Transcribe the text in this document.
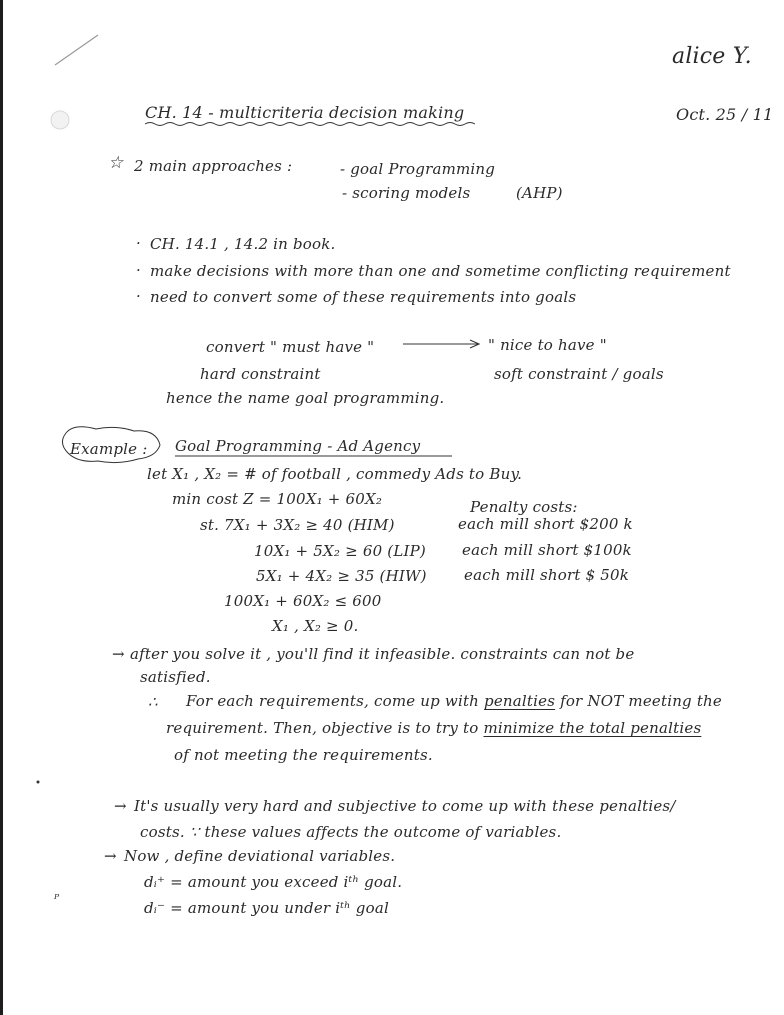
alice Y.
CH. 14 - multicriteria decision making	Oct. 25 / 11
☆ 2 main approaches :	- goal Programming
- scoring models	(AHP)
· CH. 14.1 , 14.2 in book.
· make decisions with more than one and sometime conflicting requirement
· need to convert some of these requirements into goals
convert " must have "	" nice to have "
hard constraint	soft constraint / goals
hence the name goal programming.
Example : Goal Programming - Ad Agency
let X₁ , X₂ = # of football , commedy Ads to Buy.
min cost Z = 100X₁ + 60X₂	Penalty costs:
st. 7X₁ + 3X₂ ≥ 40 (HIM)	each mill short $200 k
10X₁ + 5X₂ ≥ 60 (LIP) each mill short $100k
5X₁ + 4X₂ ≥ 35 (HIW) each mill short $ 50k
100X₁ + 60X₂ ≤ 600
X₁ , X₂ ≥ 0.
→ after you solve it , you'll find it infeasible. constraints can not be
satisfied.
∴ For each requirements, come up with penalties for NOT meeting the
requirement. Then, objective is to try to minimize the total penalties
of not meeting the requirements.
→ It's usually very hard and subjective to come up with these penalties/
costs. ∵ these values affects the outcome of variables.
→ Now , define deviational variables.
dᵢ⁺ = amount you exceed iᵗʰ goal.
dᵢ⁻ = amount you under iᵗʰ goal
ᴾ
